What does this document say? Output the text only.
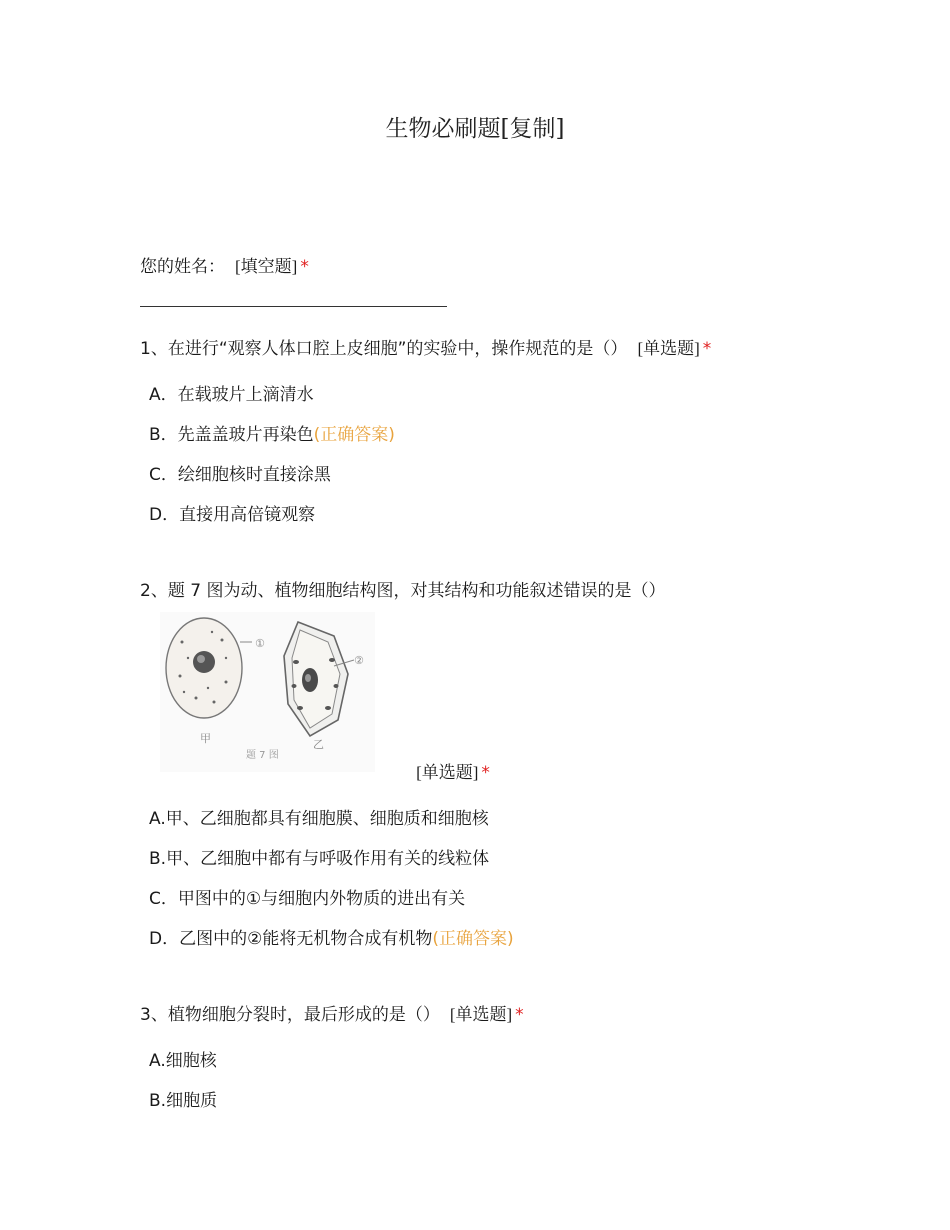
生物必刷题[复制]
您的姓名： [填空题] *
1、在进行“观察人体口腔上皮细胞”的实验中，操作规范的是（） [单选题] *
A．在载玻片上滴清水
B．先盖盖玻片再染色(正确答案)
C．绘细胞核时直接涂黑
D．直接用高倍镜观察
2、题 7 图为动、植物细胞结构图，对其结构和功能叙述错误的是（）
①
②
甲	乙
题 7 图
[单选题] *
A.甲、乙细胞都具有细胞膜、细胞质和细胞核
B.甲、乙细胞中都有与呼吸作用有关的线粒体
C．甲图中的①与细胞内外物质的进出有关
D．乙图中的②能将无机物合成有机物(正确答案)
3、植物细胞分裂时，最后形成的是（） [单选题] *
A.细胞核
B.细胞质
